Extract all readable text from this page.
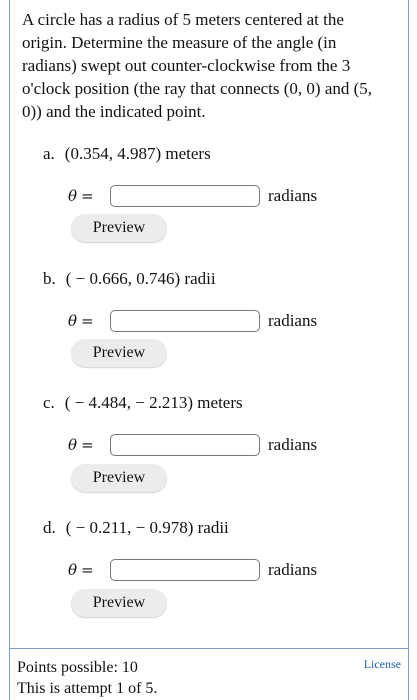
A circle has a radius of 5 meters centered at the origin. Determine the measure of the angle (in radians) swept out counter-clockwise from the 3 o'clock position (the ray that connects (0, 0) and (5, 0)) and the indicated point.
a. (0.354, 4.987) meters
θ =	radians
Preview
b. ( − 0.666, 0.746) radii
θ =	radians
Preview
c. ( − 4.484, − 2.213) meters
θ =	radians
Preview
d. ( − 0.211, − 0.978) radii
θ =	radians
Preview
Points possible: 10
This is attempt 1 of 5.
License
